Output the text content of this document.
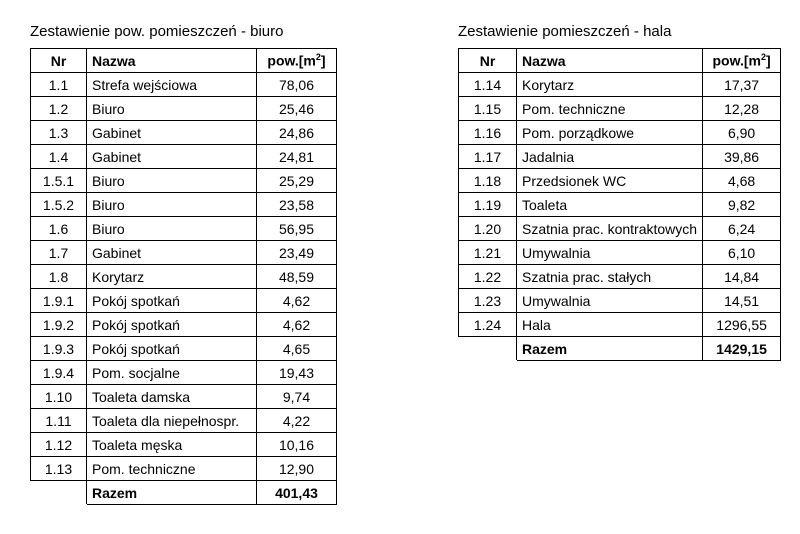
Zestawienie pow. pomieszczeń - biuro
Nr	Nazwa	$pow.[m^2]$
1.1	Strefa wejściowa	78,06
1.2	Biuro	25,46
1.3	Gabinet	24,86
1.4	Gabinet	24,81
1.5.1	Biuro	25,29
1.5.2	Biuro	23,58
1.6	Biuro	56,95
1.7	Gabinet	23,49
1.8	Korytarz	48,59
1.9.1	Pokój spotkań	4,62
1.9.2	Pokój spotkań	4,62
1.9.3	Pokój spotkań	4,65
1.9.4	Pom. socjalne	19,43
1.10	Toaleta damska	9,74
1.11	Toaleta dla niepełnospr.	4,22
1.12	Toaleta męska	10,16
1.13	Pom. techniczne	12,90
	Razem	401,43
Zestawienie pomieszczeń - hala
Nr	Nazwa	$pow.[m^2]$
1.14	Korytarz	17,37
1.15	Pom. techniczne	12,28
1.16	Pom. porządkowe	6,90
1.17	Jadalnia	39,86
1.18	Przedsionek WC	4,68
1.19	Toaleta	9,82
1.20	Szatnia prac. kontraktowych	6,24
1.21	Umywalnia	6,10
1.22	Szatnia prac. stałych	14,84
1.23	Umywalnia	14,51
1.24	Hala	1296,55
	Razem	1429,15
